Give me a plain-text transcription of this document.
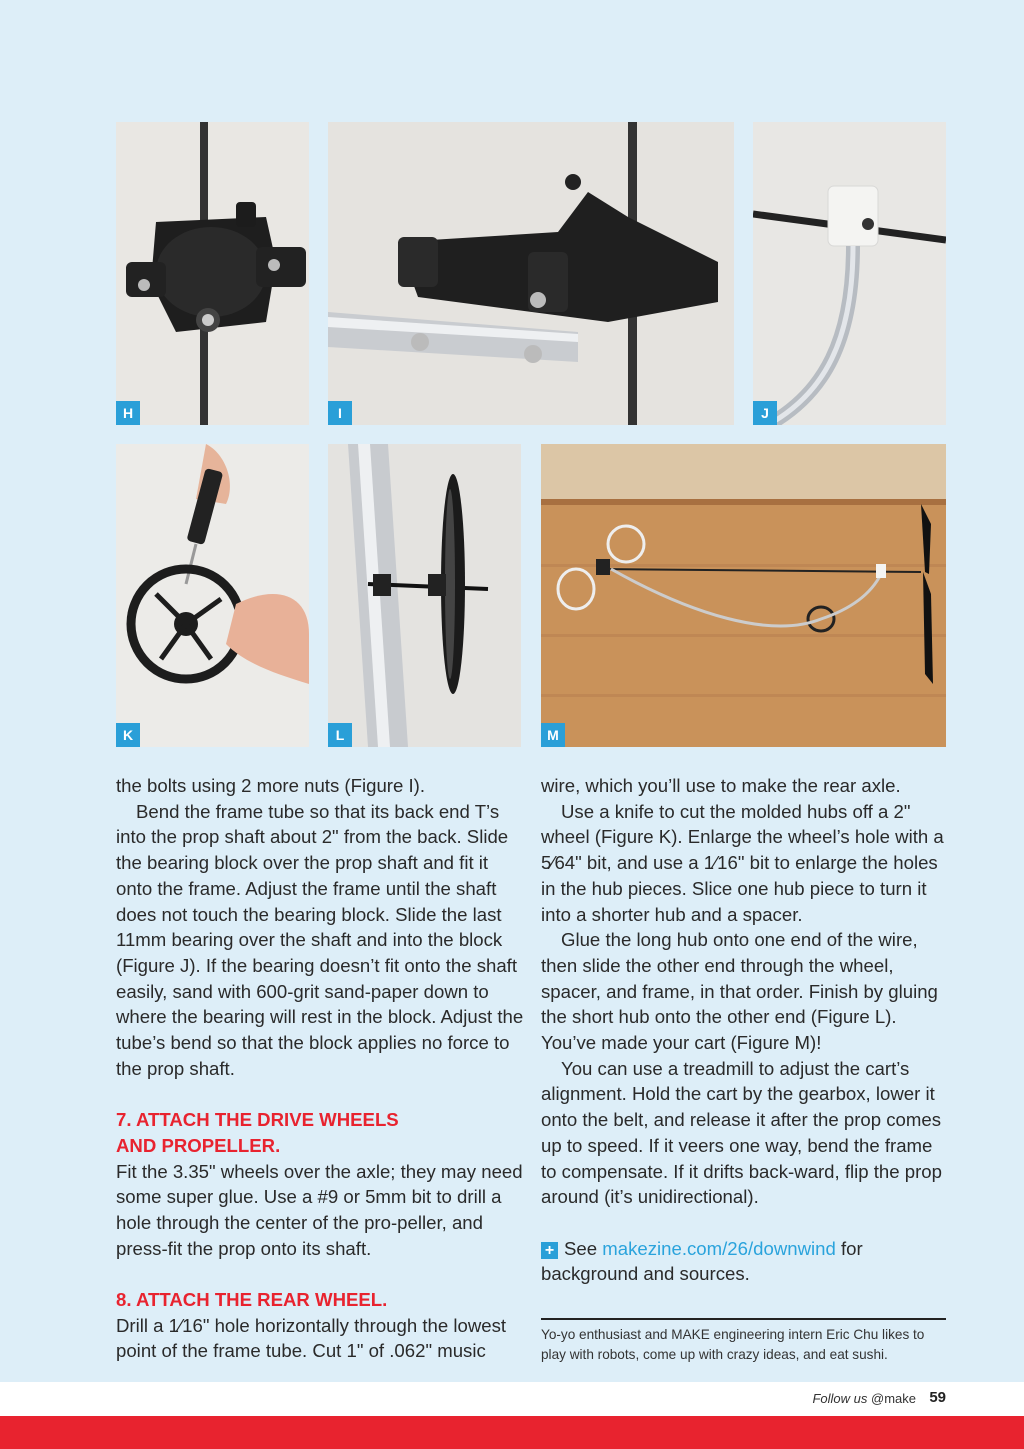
H	I	J
K	L	M

the bolts using 2 more nuts (Figure I).

Bend the frame tube so that its back end T’s into the prop shaft about 2" from the back. Slide the bearing block over the prop shaft and fit it onto the frame. Adjust the frame until the shaft does not touch the bearing block. Slide the last 11mm bearing over the shaft and into the block (Figure J). If the bearing doesn’t fit onto the shaft easily, sand with 600-grit sand-paper down to where the bearing will rest in the block. Adjust the tube’s bend so that the block applies no force to the prop shaft.

7. ATTACH THE DRIVE WHEELS

AND PROPELLER.

Fit the 3.35" wheels over the axle; they may need some super glue. Use a #9 or 5mm bit to drill a hole through the center of the pro-peller, and press-fit the prop onto its shaft.

8. ATTACH THE REAR WHEEL.

Drill a 1⁄16" hole horizontally through the lowest point of the frame tube. Cut 1" of .062" music

wire, which you’ll use to make the rear axle.

Use a knife to cut the molded hubs off a 2" wheel (Figure K). Enlarge the wheel’s hole with a 5⁄64" bit, and use a 1⁄16" bit to enlarge the holes in the hub pieces. Slice one hub piece to turn it into a shorter hub and a spacer.

Glue the long hub onto one end of the wire, then slide the other end through the wheel, spacer, and frame, in that order. Finish by gluing the short hub onto the other end (Figure L). You’ve made your cart (Figure M)!

You can use a treadmill to adjust the cart’s alignment. Hold the cart by the gearbox, lower it onto the belt, and release it after the prop comes up to speed. If it veers one way, bend the frame to compensate. If it drifts back-ward, flip the prop around (it’s unidirectional).

+ See makezine.com/26/downwind for background and sources.

Yo-yo enthusiast and MAKE engineering intern Eric Chu likes to play with robots, come up with crazy ideas, and eat sushi.
Follow us @make 59
